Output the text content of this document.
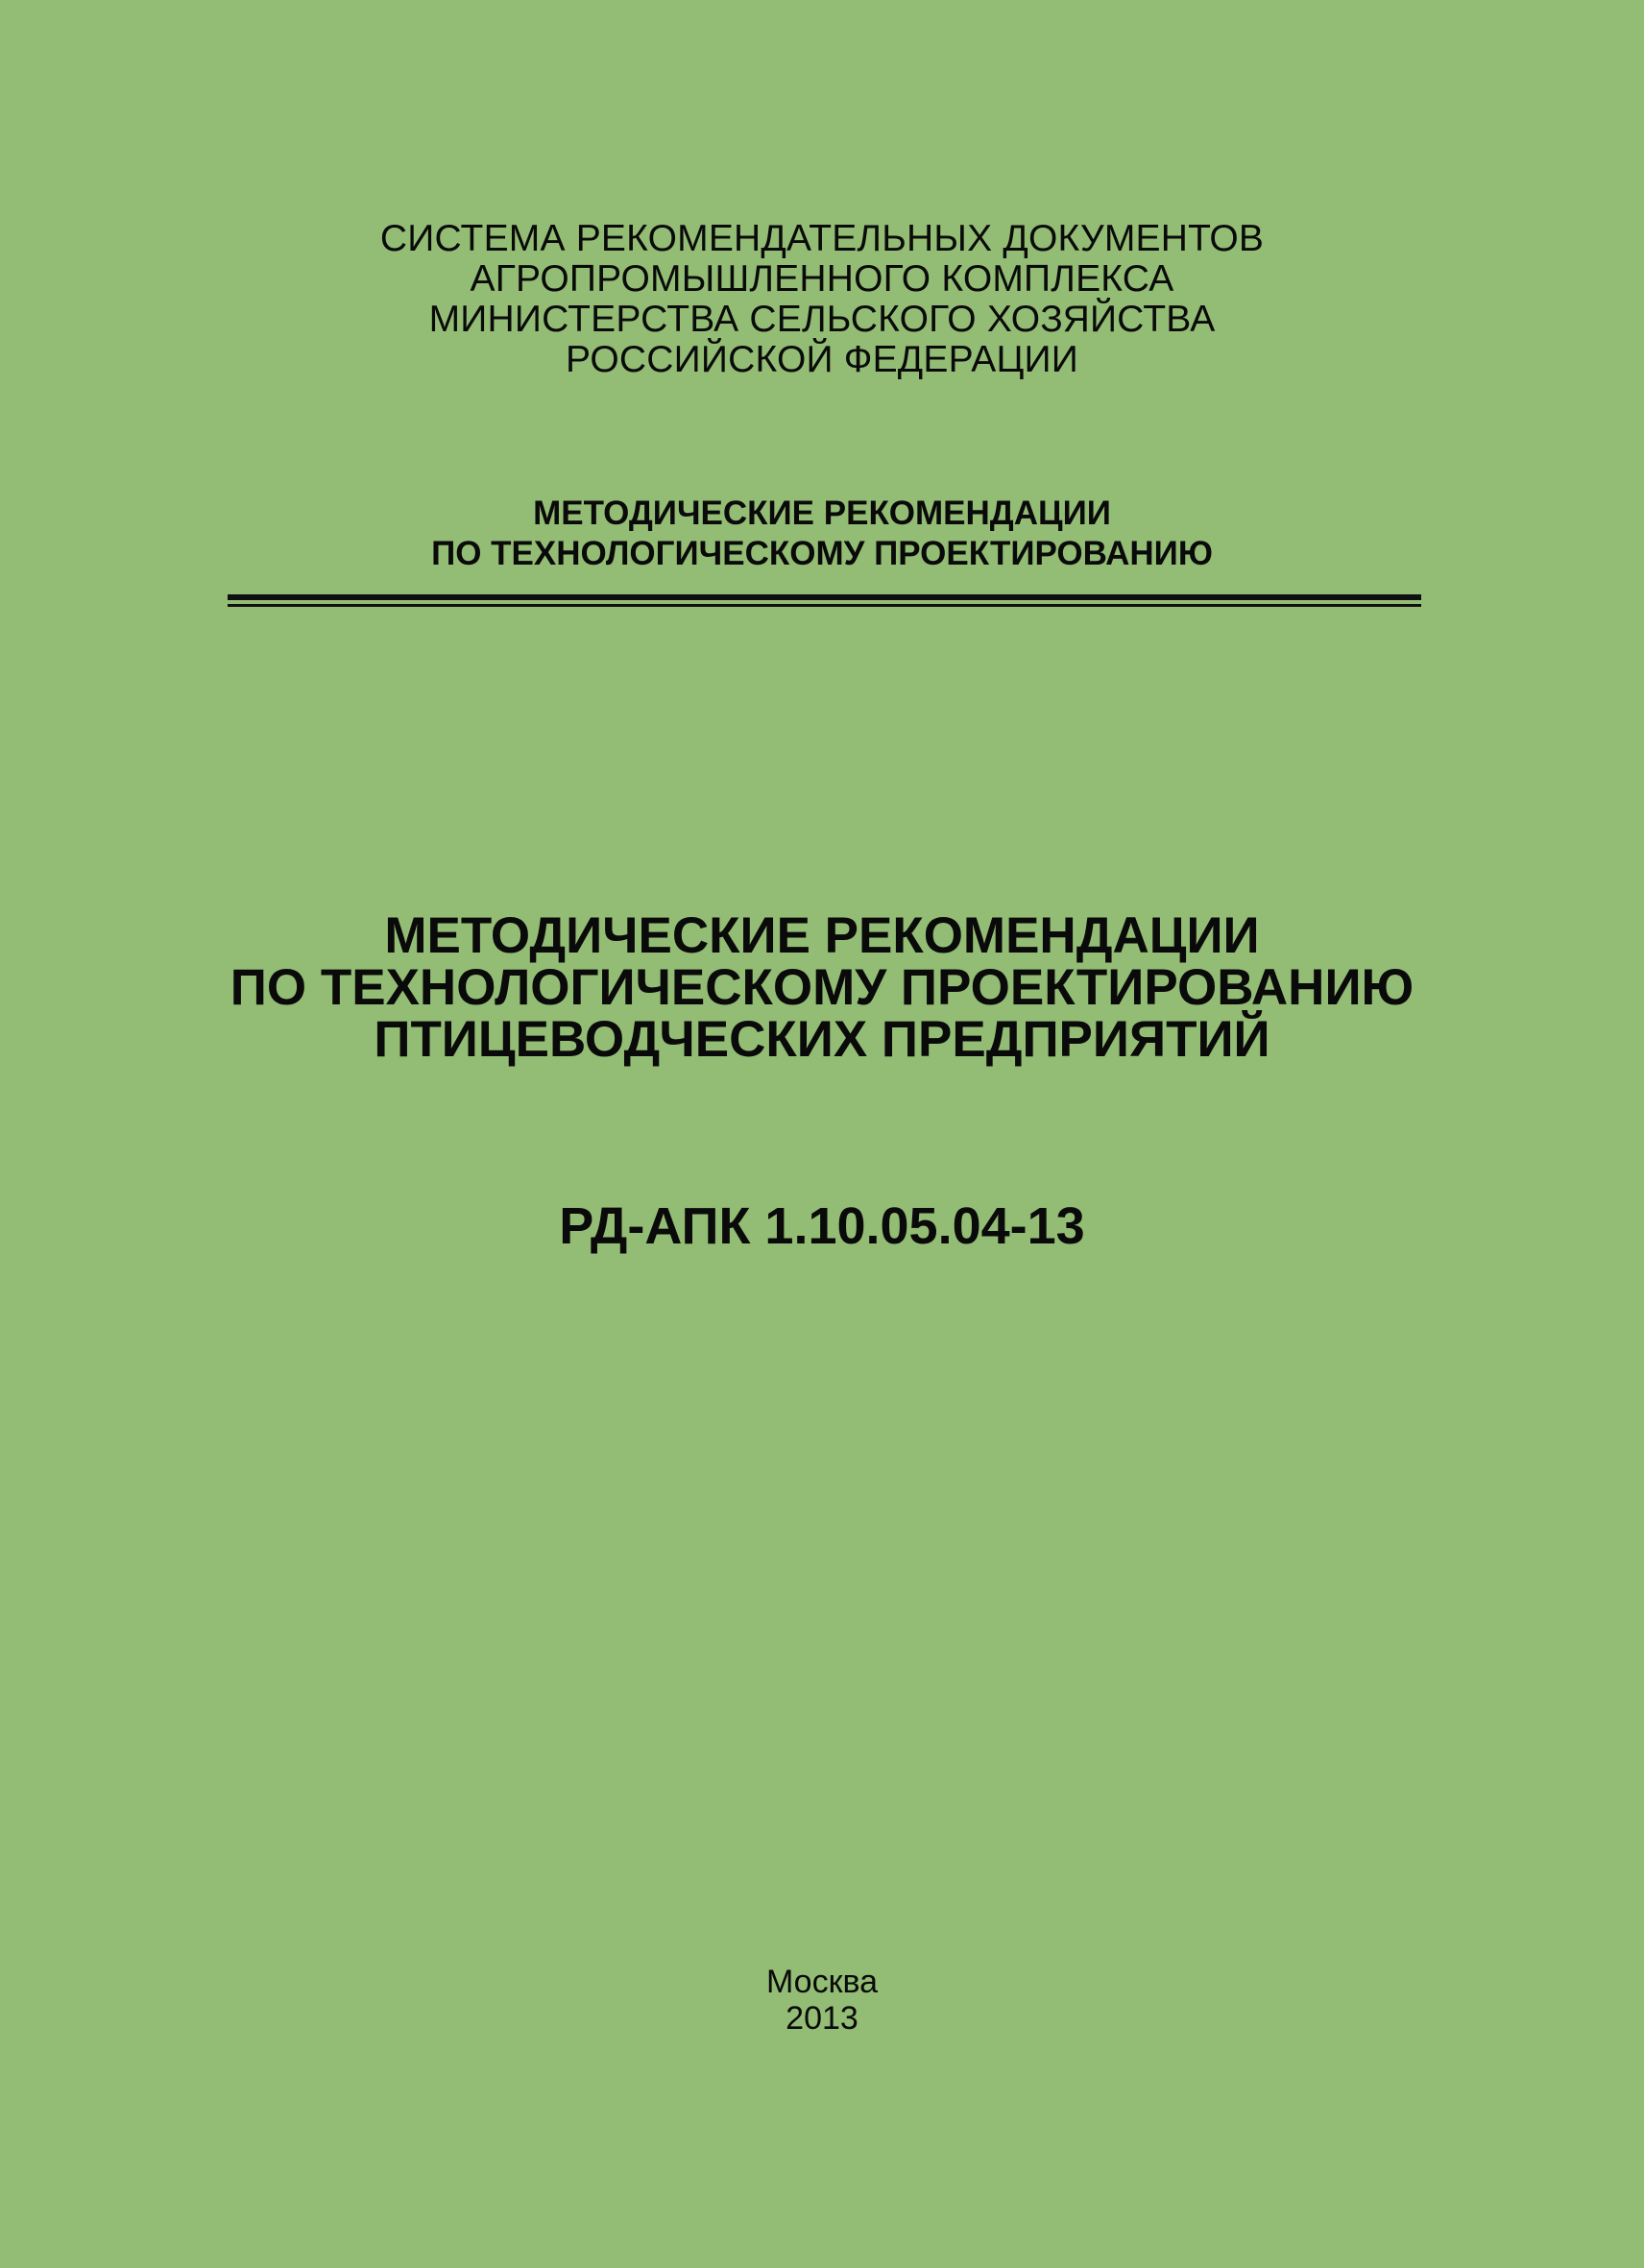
СИСТЕМА РЕКОМЕНДАТЕЛЬНЫХ ДОКУМЕНТОВ
АГРОПРОМЫШЛЕННОГО КОМПЛЕКСА
МИНИСТЕРСТВА СЕЛЬСКОГО ХОЗЯЙСТВА
РОССИЙСКОЙ ФЕДЕРАЦИИ
МЕТОДИЧЕСКИЕ РЕКОМЕНДАЦИИ
ПО ТЕХНОЛОГИЧЕСКОМУ ПРОЕКТИРОВАНИЮ
МЕТОДИЧЕСКИЕ РЕКОМЕНДАЦИИ
ПО ТЕХНОЛОГИЧЕСКОМУ ПРОЕКТИРОВАНИЮ
ПТИЦЕВОДЧЕСКИХ ПРЕДПРИЯТИЙ
РД-АПК 1.10.05.04-13
Москва
2013
